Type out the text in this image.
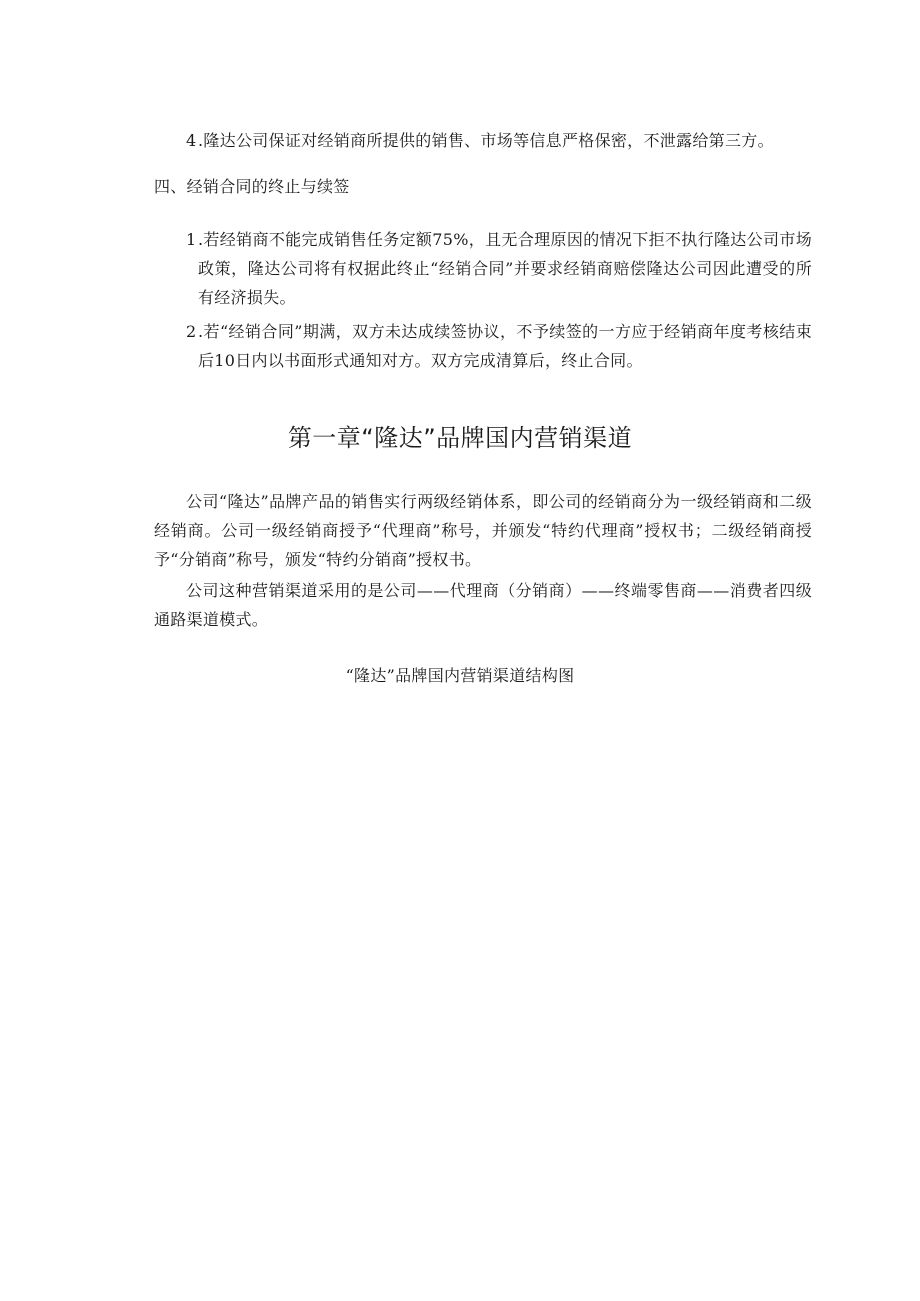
4 .隆达公司保证对经销商所提供的销售、市场等信息严格保密，不泄露给第三方。
四、经销合同的终止与续签
1 .若经销商不能完成销售任务定额75%，且无合理原因的情况下拒不执行隆达公司市场政策，隆达公司将有权据此终止“经销合同”并要求经销商赔偿隆达公司因此遭受的所有经济损失。
2 .若“经销合同”期满，双方未达成续签协议，不予续签的一方应于经销商年度考核结束后10日内以书面形式通知对方。双方完成清算后，终止合同。
第一章“隆达”品牌国内营销渠道
公司“隆达”品牌产品的销售实行两级经销体系，即公司的经销商分为一级经销商和二级经销商。公司一级经销商授予“代理商”称号，并颁发“特约代理商”授权书；二级经销商授予“分销商”称号，颁发“特约分销商”授权书。
公司这种营销渠道采用的是公司——代理商（分销商）——终端零售商——消费者四级通路渠道模式。
“隆达”品牌国内营销渠道结构图
